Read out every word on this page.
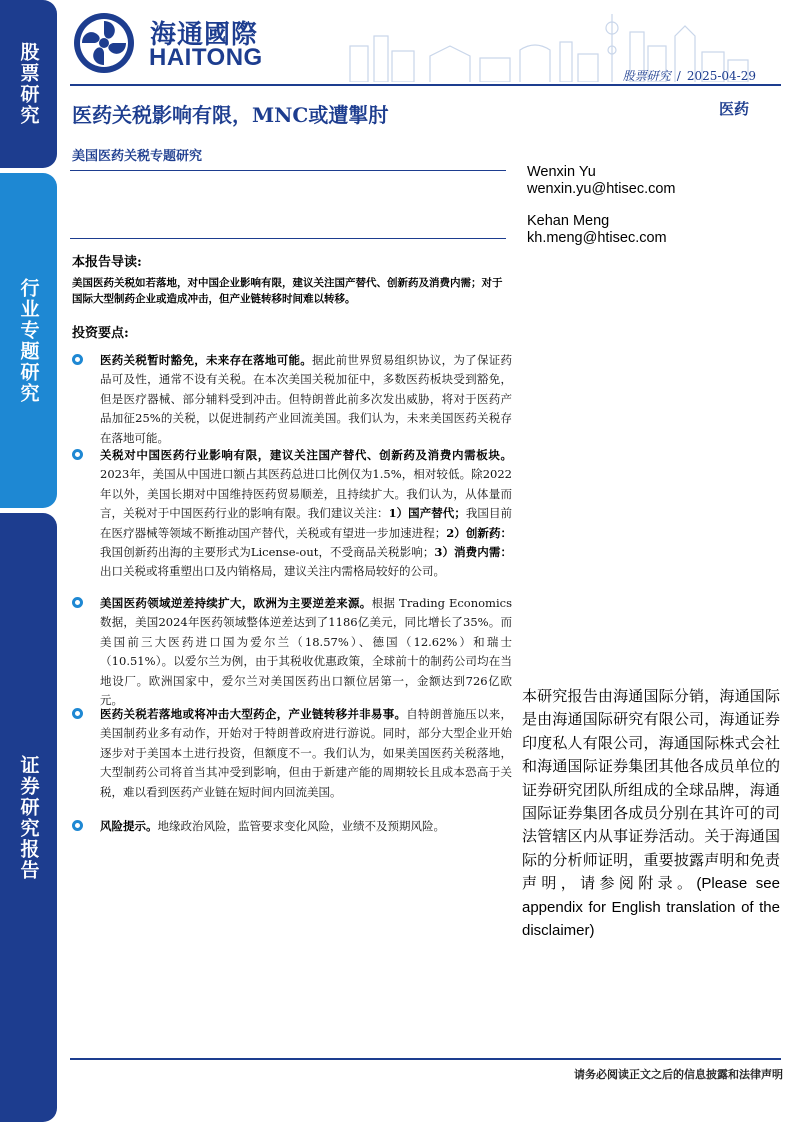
股票研究
行业专题研究
证券研究报告
海通國際
HAITONG
股票研究 / 2025-04-29
医药关税影响有限，MNC或遭掣肘	医药
美国医药关税专题研究
Wenxin Yu
wenxin.yu@htisec.com
Kehan Meng
kh.meng@htisec.com
本报告导读:
美国医药关税如若落地，对中国企业影响有限，建议关注国产替代、创新药及消费内需；对于国际大型制药企业或造成冲击，但产业链转移时间难以转移。
投资要点:
医药关税暂时豁免，未来存在落地可能。据此前世界贸易组织协议，为了保证药品可及性，通常不设有关税。在本次美国关税加征中，多数医药板块受到豁免，但是医疗器械、部分辅料受到冲击。但特朗普此前多次发出威胁，将对于医药产品加征25%的关税，以促进制药产业回流美国。我们认为，未来美国医药关税存在落地可能。
关税对中国医药行业影响有限，建议关注国产替代、创新药及消费内需板块。2023年，美国从中国进口额占其医药总进口比例仅为1.5%，相对较低。除2022年以外，美国长期对中国维持医药贸易顺差，且持续扩大。我们认为，从体量而言，关税对于中国医药行业的影响有限。我们建议关注：1）国产替代；我国目前在医疗器械等领域不断推动国产替代，关税或有望进一步加速进程；2）创新药：我国创新药出海的主要形式为License-out，不受商品关税影响；3）消费内需：出口关税或将重塑出口及内销格局，建议关注内需格局较好的公司。
美国医药领域逆差持续扩大，欧洲为主要逆差来源。根据 Trading Economics 数据，美国2024年医药领域整体逆差达到了1186亿美元，同比增长了35%。而美国前三大医药进口国为爱尔兰（18.57%）、德国（12.62%）和瑞士（10.51%）。以爱尔兰为例，由于其税收优惠政策，全球前十的制药公司均在当地设厂。欧洲国家中，爱尔兰对美国医药出口额位居第一，金额达到726亿欧元。
医药关税若落地或将冲击大型药企，产业链转移并非易事。自特朗普施压以来，美国制药业多有动作，开始对于特朗普政府进行游说。同时，部分大型企业开始逐步对于美国本土进行投资，但额度不一。我们认为，如果美国医药关税落地，大型制药公司将首当其冲受到影响，但由于新建产能的周期较长且成本恐高于关税，难以看到医药产业链在短时间内回流美国。
风险提示。地缘政治风险，监管要求变化风险，业绩不及预期风险。
本研究报告由海通国际分销，海通国际是由海通国际研究有限公司，海通证券印度私人有限公司，海通国际株式会社和海通国际证券集团其他各成员单位的证券研究团队所组成的全球品牌，海通国际证券集团各成员分别在其许可的司法管辖区内从事证券活动。关于海通国际的分析师证明，重要披露声明和免责声明，请参阅附录。(Please see appendix for English translation of the disclaimer)
请务必阅读正文之后的信息披露和法律声明
